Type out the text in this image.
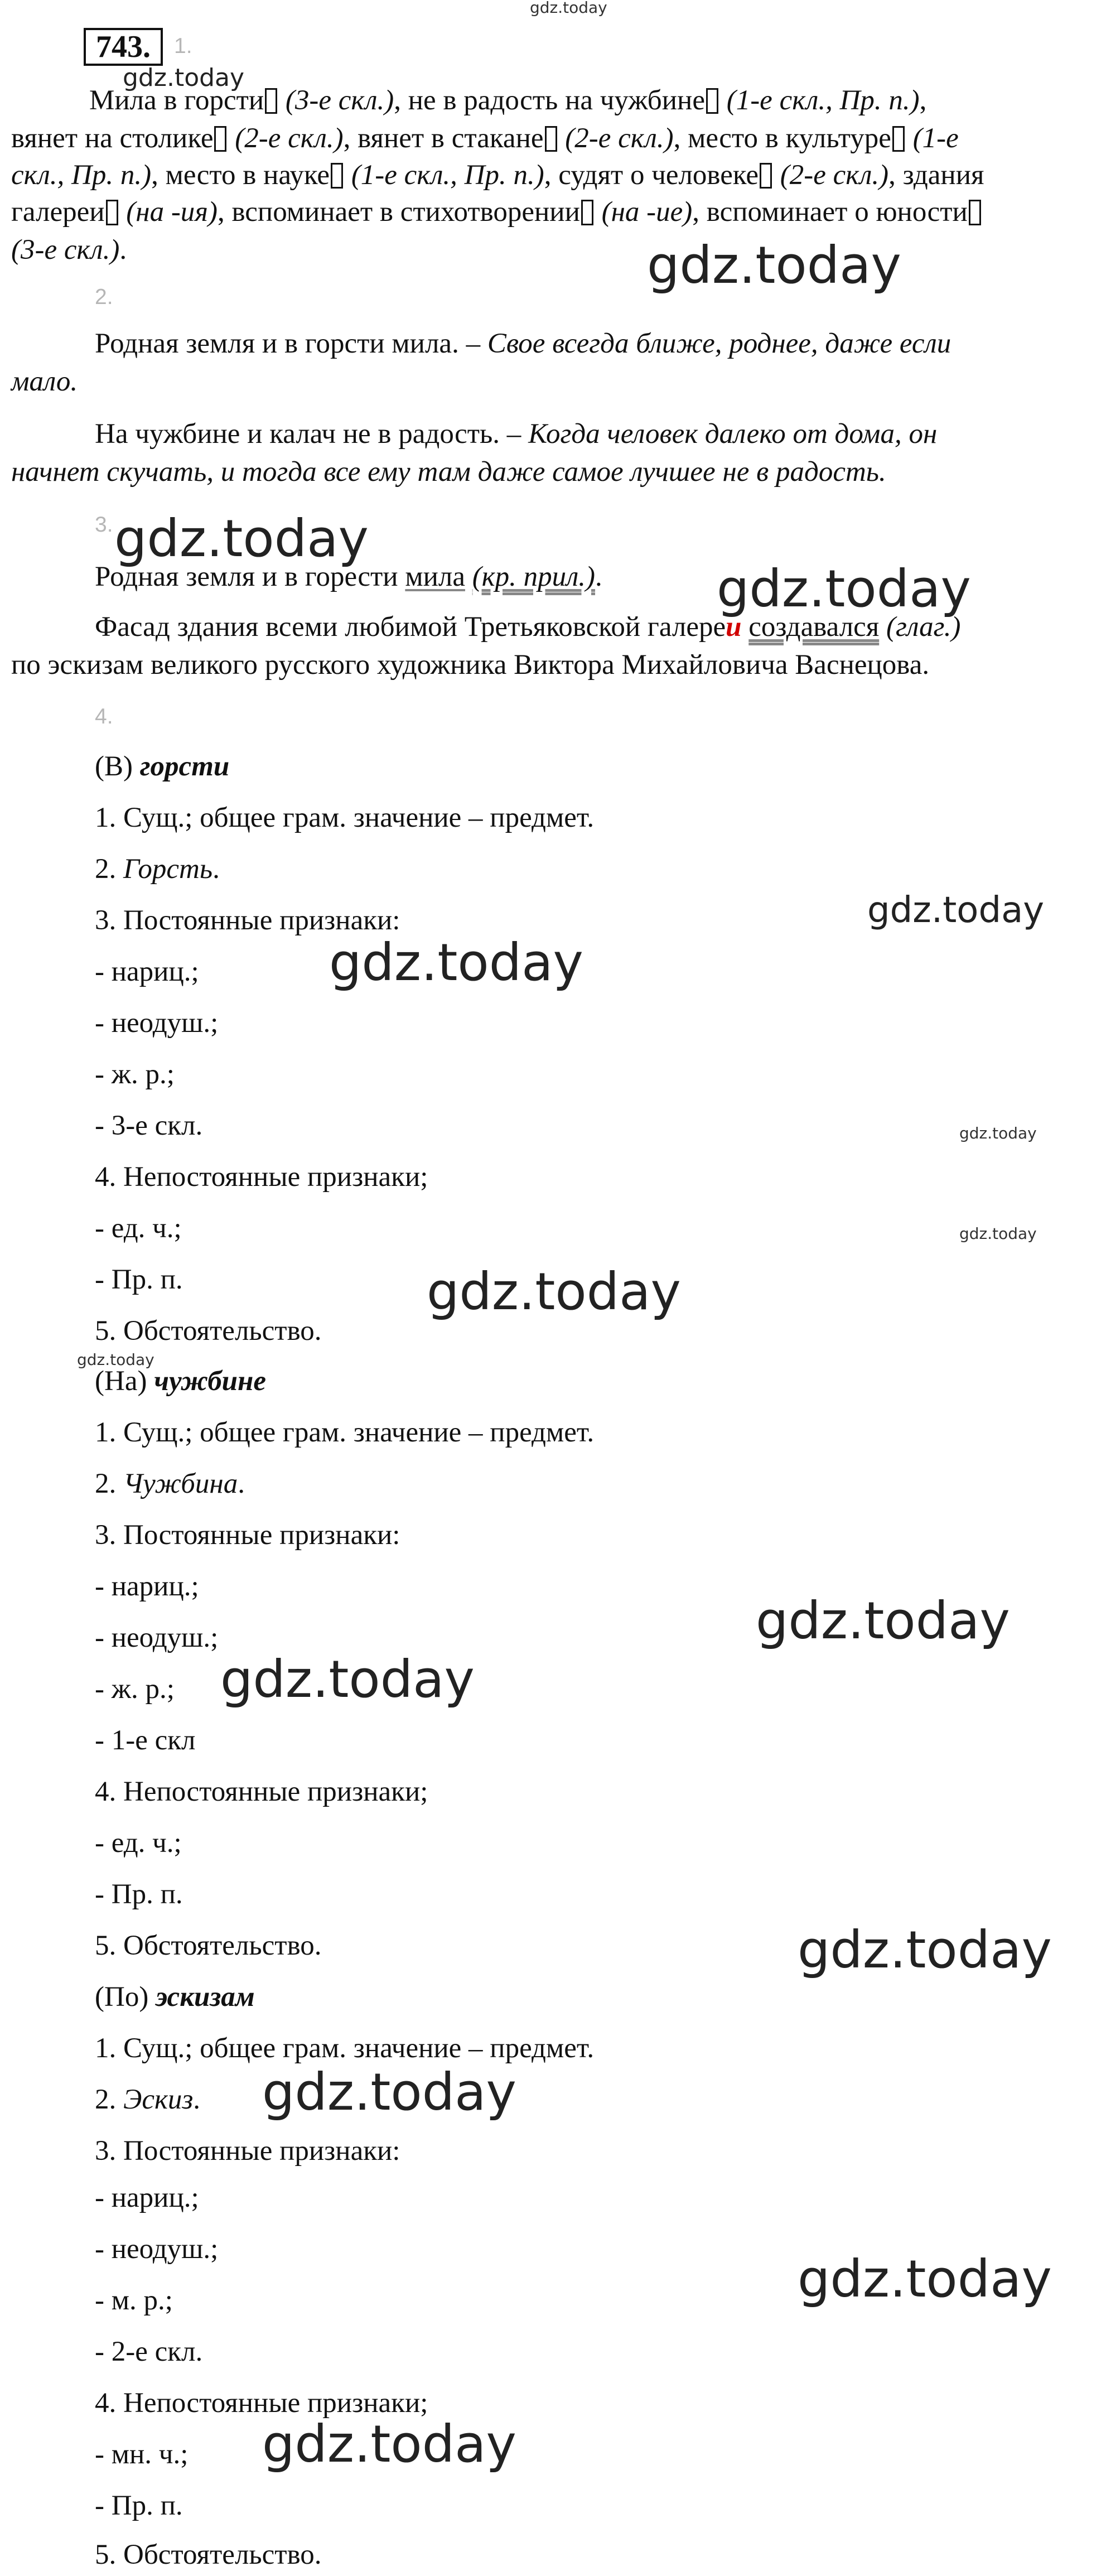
gdz.today
743.	1.
gdz.today
Мила в горсти (3-е скл.), не в радость на чужбине (1-е скл., Пр. п.),
вянет на столике (2-е скл.), вянет в стакане (2-е скл.), место в культуре (1-е
скл., Пр. п.), место в науке (1-е скл., Пр. п.), судят о человеке (2-е скл.), здания
галереи (на -ия), вспоминает в стихотворении (на -ие), вспоминает о юности
(3-е скл.).	gdz.today
2.
Родная земля и в горсти мила. – Свое всегда ближе, роднее, даже если
мало.
На чужбине и калач не в радость. – Когда человек далеко от дома, он
начнет скучать, и тогда все ему там даже самое лучшее не в радость.
3. gdz.today
Родная земля и в горести мила (кр. прил.). gdz.today
Фасад здания всеми любимой Третьяковской галереи создавался (глаг.)
по эскизам великого русского художника Виктора Михайловича Васнецова.
4.
(В) горсти
1. Сущ.; общее грам. значение – предмет.
2. Горсть.
3. Постоянные признаки:	gdz.today
- нариц.;	gdz.today
- неодуш.;
- ж. р.;
- 3-е скл.	gdz.today
4. Непостоянные признаки;
- ед. ч.;	gdz.today
- Пр. п.	gdz.today
5. Обстоятельство.
gdz.today
(На) чужбине
1. Сущ.; общее грам. значение – предмет.
2. Чужбина.
3. Постоянные признаки:
- нариц.;
gdz.today
- неодуш.;
- ж. р.; gdz.today
- 1-е скл
4. Непостоянные признаки;
- ед. ч.;
- Пр. п.
5. Обстоятельство.	gdz.today
(По) эскизам
1. Сущ.; общее грам. значение – предмет.
2. Эскиз. gdz.today
3. Постоянные признаки:
- нариц.;
- неодуш.;	gdz.today
- м. р.;
- 2-е скл.
4. Непостоянные признаки;
- мн. ч.; gdz.today
- Пр. п.
5. Обстоятельство.
